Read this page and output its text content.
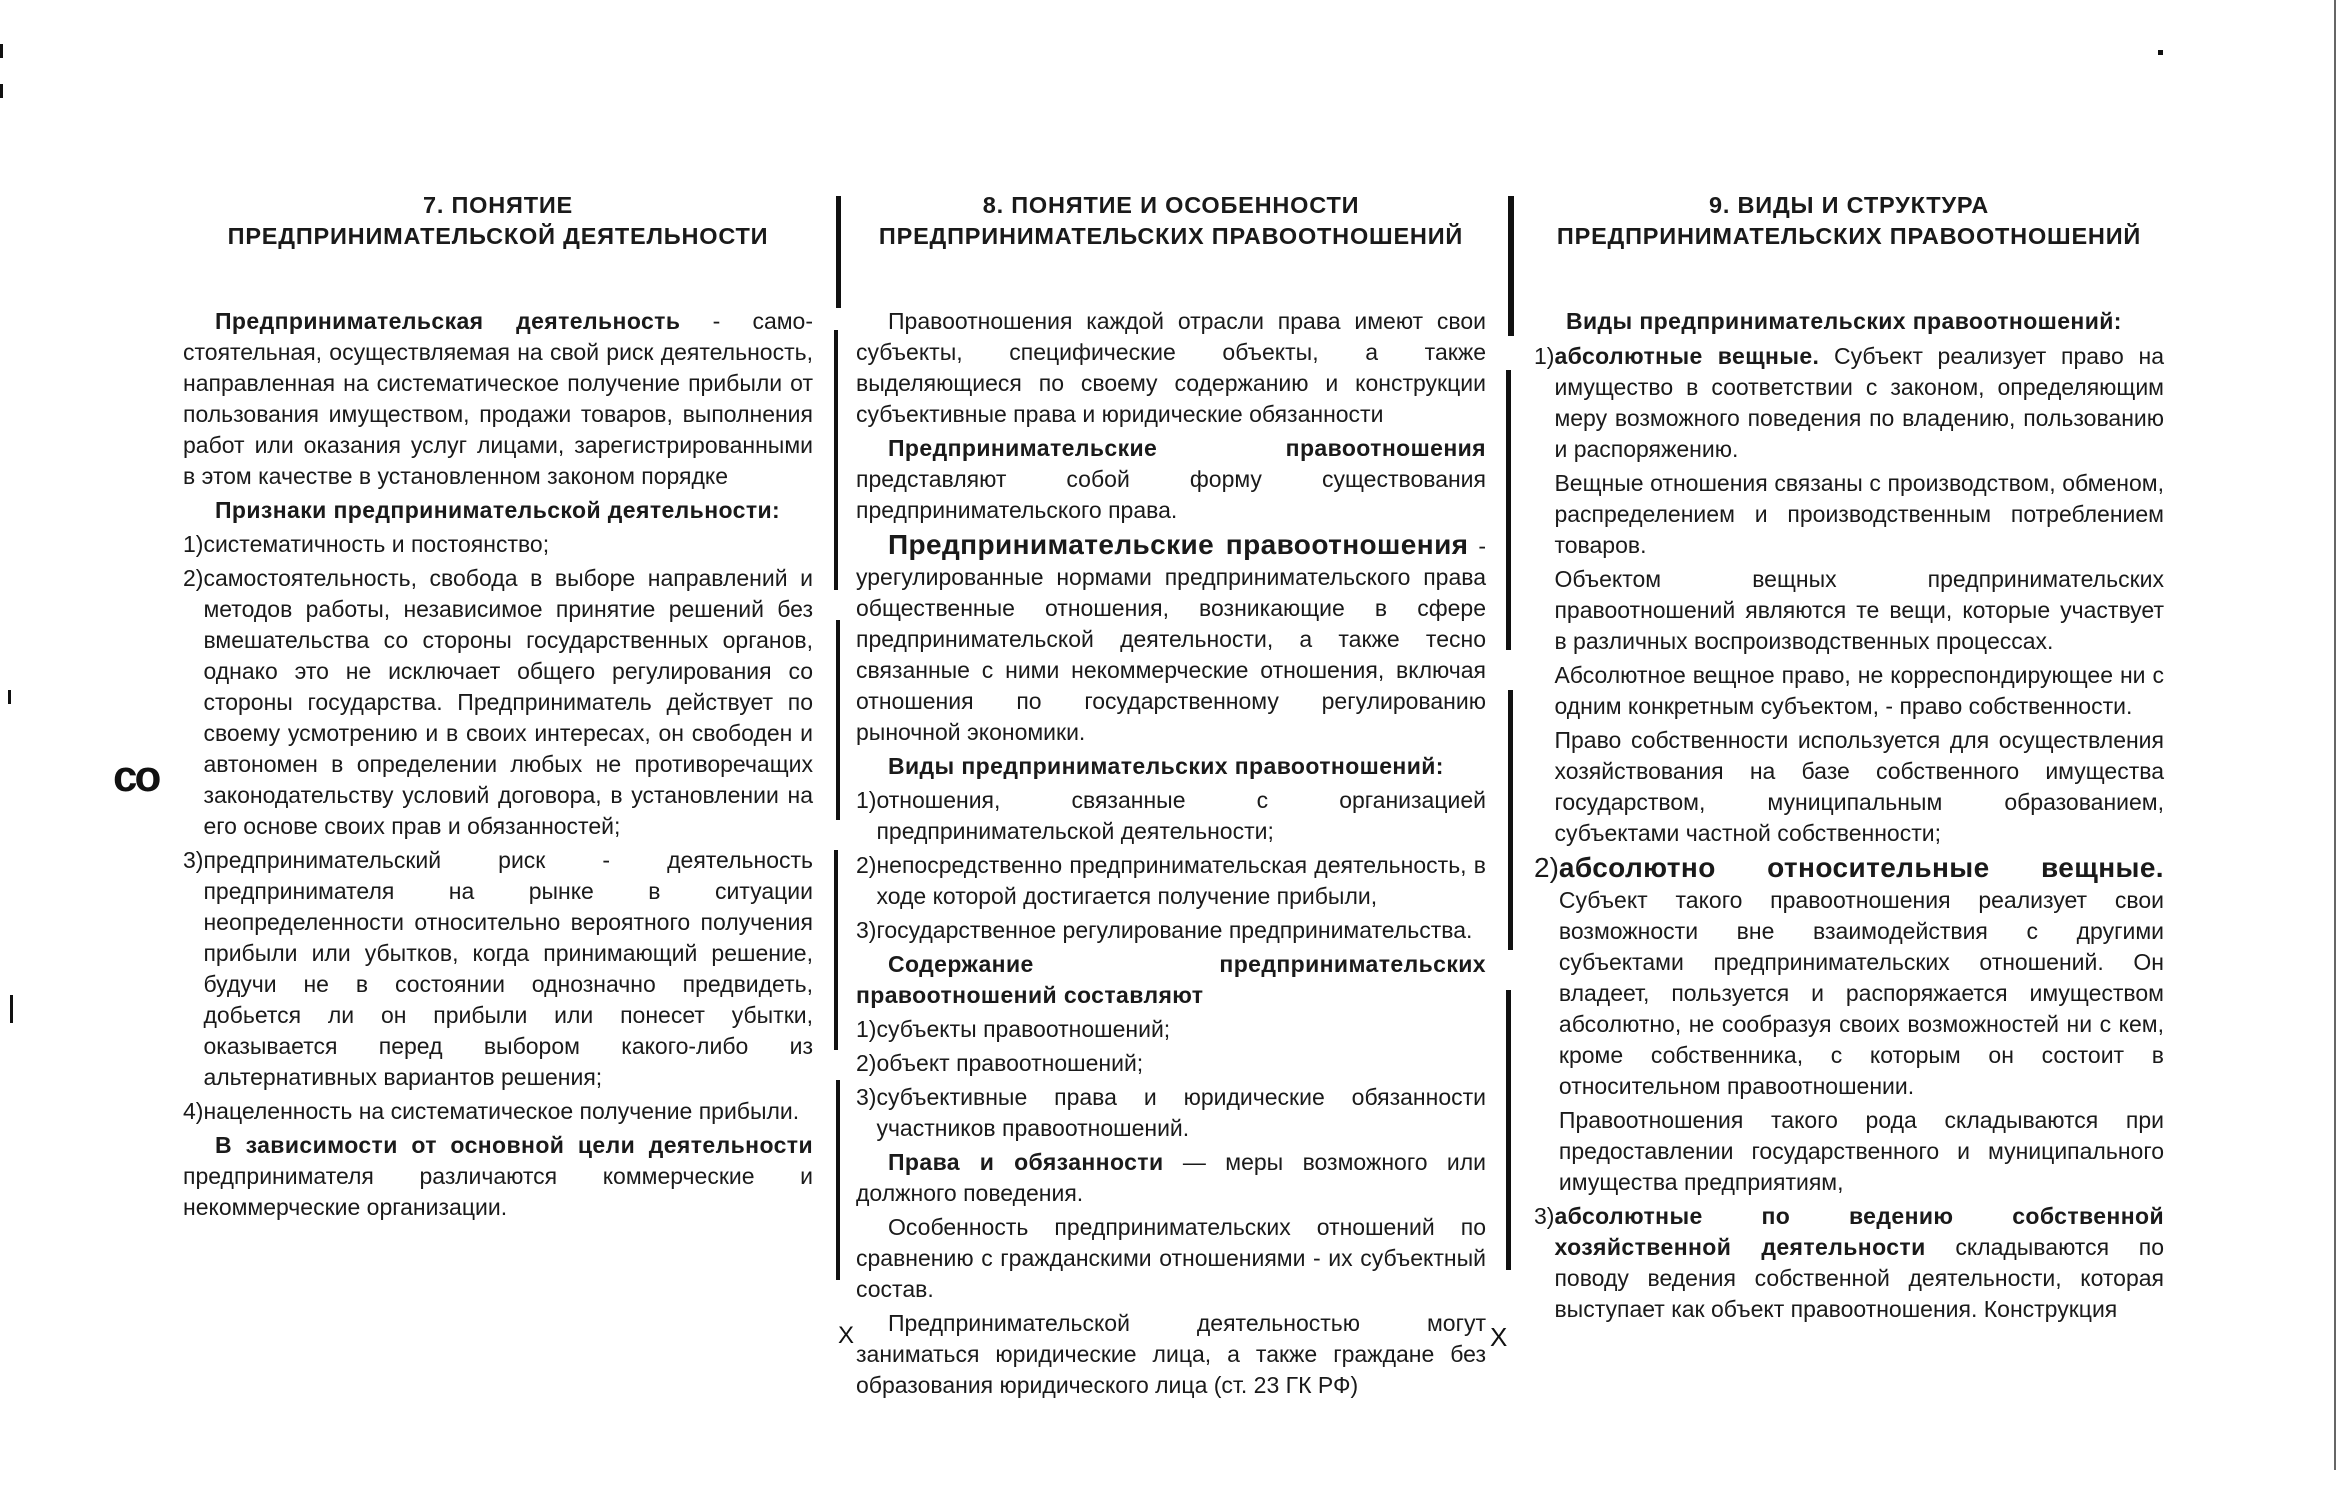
со
X	X
7. ПОНЯТИЕ
ПРЕДПРИНИМАТЕЛЬСКОЙ ДЕЯТЕЛЬНОСТИ

Предпринимательская деятельность - само-стоятельная, осуществляемая на свой риск деятельность, направленная на систематическое получение прибыли от пользования имуществом, продажи товаров, выполнения работ или оказания услуг лицами, зарегистрированными в этом качестве в установленном законом порядке

Признаки предпринимательской деятельности:

1) систематичность и постоянство;
2) самостоятельность, свобода в выборе направлений и методов работы, независимое принятие решений без вмешательства со стороны государственных органов, однако это не исключает общего регулирования со стороны государства. Предприниматель действует по своему усмотрению и в своих интересах, он свободен и автономен в определении любых не противоречащих законодательству условий договора, в установлении на его основе своих прав и обязанностей;
3) предпринимательский риск - деятельность предпринимателя на рынке в ситуации неопределенности относительно вероятного получения прибыли или убытков, когда принимающий решение, будучи не в состоянии однозначно предвидеть, добьется ли он прибыли или понесет убытки, оказывается перед выбором какого-либо из альтернативных вариантов решения;
4) нацеленность на систематическое получение прибыли.

В зависимости от основной цели деятельности предпринимателя различаются коммерческие и некоммерческие организации.

8. ПОНЯТИЕ И ОСОБЕННОСТИ
ПРЕДПРИНИМАТЕЛЬСКИХ ПРАВООТНОШЕНИЙ

Правоотношения каждой отрасли права имеют свои субъекты, специфические объекты, а также выделяющиеся по своему содержанию и конструкции субъективные права и юридические обязанности

Предпринимательские правоотношения представляют собой форму существования предпринимательского права.

Предпринимательские правоотношения - урегулированные нормами предпринимательского права общественные отношения, возникающие в сфере предпринимательской деятельности, а также тесно связанные с ними некоммерческие отношения, включая отношения по государственному регулированию рыночной экономики.

Виды предпринимательских правоотношений:

1) отношения, связанные с организацией предпринимательской деятельности;
2) непосредственно предпринимательская деятельность, в ходе которой достигается получение прибыли,
3) государственное регулирование предпринимательства.

Содержание предпринимательских правоотношений составляют

1) субъекты правоотношений;
2) объект правоотношений;
3) субъективные права и юридические обязанности участников правоотношений.

Права и обязанности — меры возможного или должного поведения.

Особенность предпринимательских отношений по сравнению с гражданскими отношениями - их субъектный состав.

Предпринимательской деятельностью могут заниматься юридические лица, а также граждане без образования юридического лица (ст. 23 ГК РФ)

9. ВИДЫ И СТРУКТУРА
ПРЕДПРИНИМАТЕЛЬСКИХ ПРАВООТНОШЕНИЙ

Виды предпринимательских правоотношений:

1) абсолютные вещные. Субъект реализует право на имущество в соответствии с законом, определяющим меру возможного поведения по владению, пользованию и распоряжению.
Вещные отношения связаны с производством, обменом, распределением и производственным потреблением товаров.
Объектом вещных предпринимательских правоотношений являются те вещи, которые участвует в различных воспроизводственных процессах.
Абсолютное вещное право, не корреспондирующее ни с одним конкретным субъектом, - право собственности.
Право собственности используется для осуществления хозяйствования на базе собственного имущества государством, муниципальным образованием, субъектами частной собственности;
2) абсолютно относительные вещные. Субъект такого правоотношения реализует свои возможности вне взаимодействия с другими субъектами предпринимательских отношений. Он владеет, пользуется и распоряжается имуществом абсолютно, не сообразуя своих возможностей ни с кем, кроме собственника, с которым он состоит в относительном правоотношении.
Правоотношения такого рода складываются при предоставлении государственного и муниципального имущества предприятиям,
3) абсолютные по ведению собственной хозяйственной деятельности складываются по поводу ведения собственной деятельности, которая выступает как объект правоотношения. Конструкция
